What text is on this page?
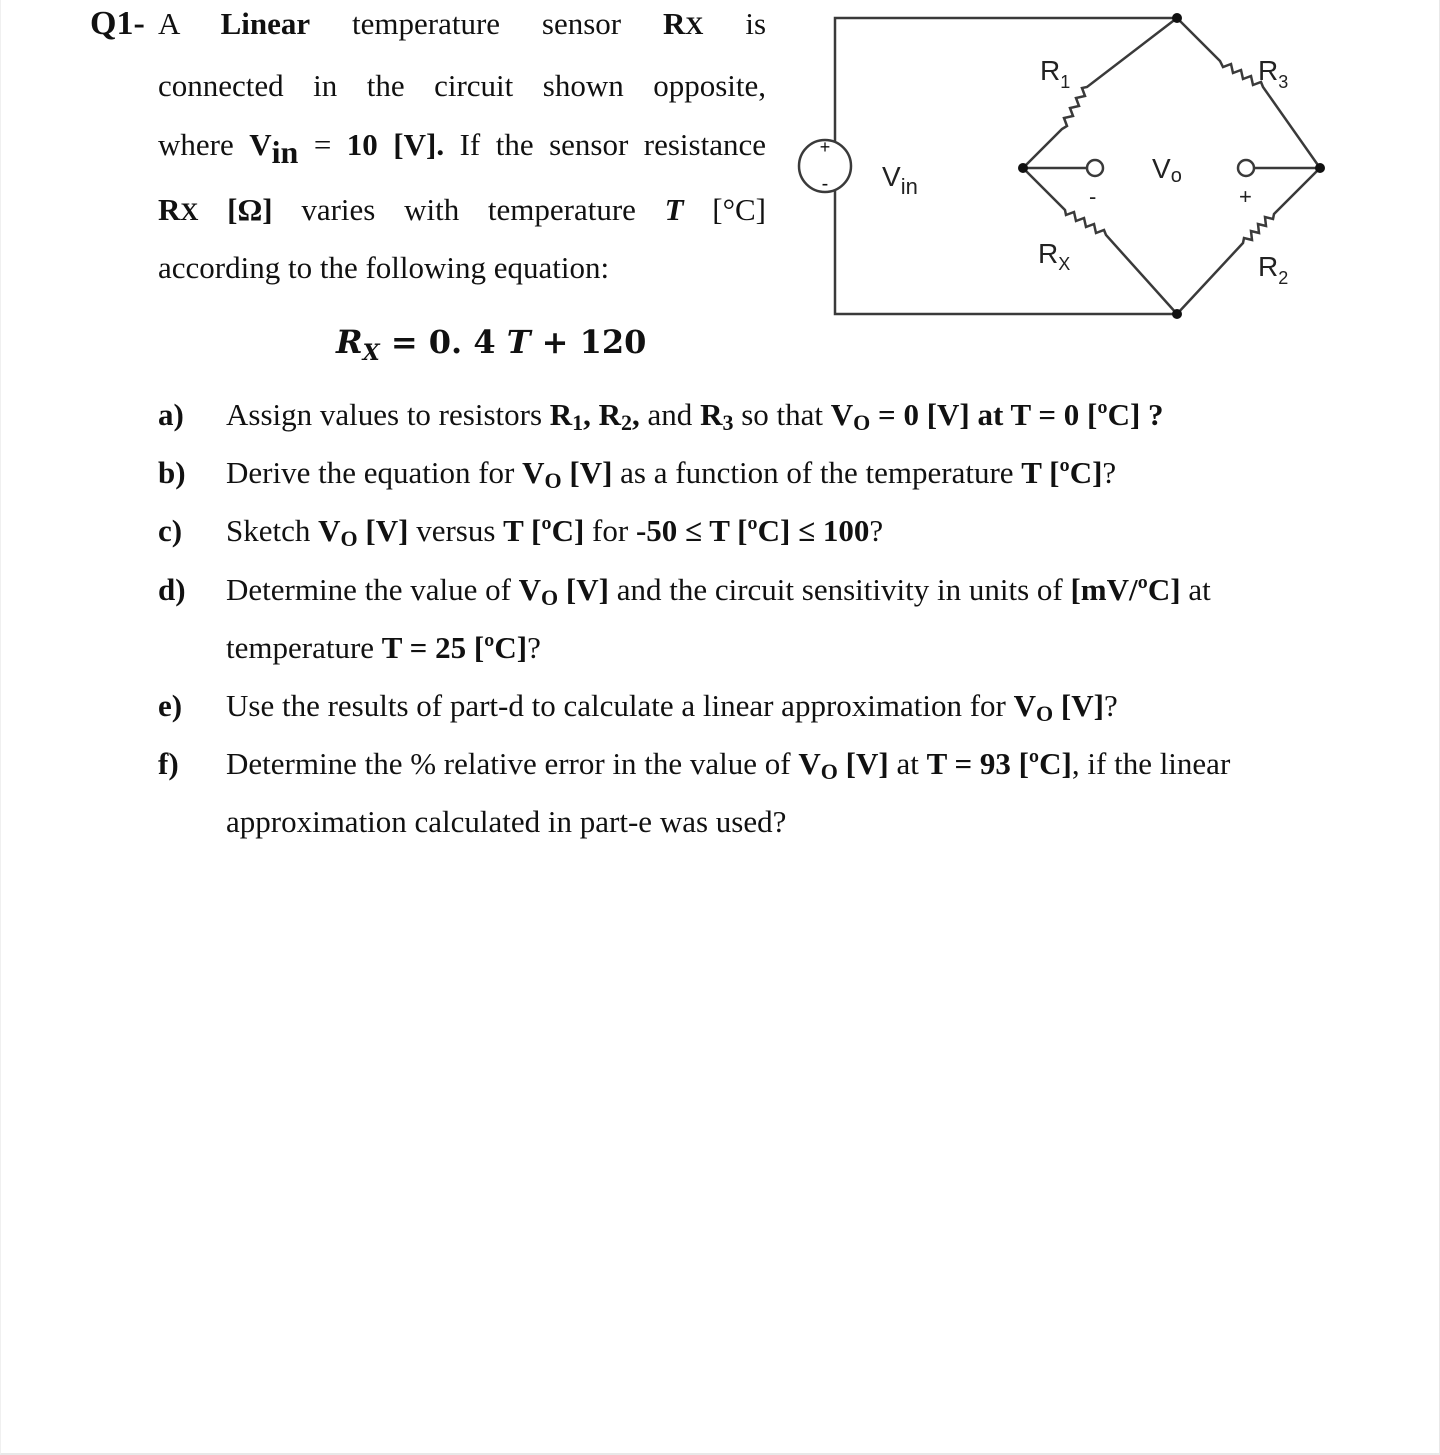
Q1- A Linear temperature sensor RX is
connected in the circuit shown opposite,
where Vin = 10 [V]. If the sensor resistance
RX [Ω] varies with temperature T [°C]
according to the following equation:
$R_X = 0$. 4 T + 120
a) Assign values to resistors R1, R2, and R3 so that VO = 0 [V] at T = 0 [ºC] ?
b) Derive the equation for VO [V] as a function of the temperature T [ºC]?
c) Sketch VO [V] versus T [ºC] for -50 ≤ T [ºC] ≤ 100?
d) Determine the value of VO [V] and the circuit sensitivity in units of [mV/ºC] at
temperature T = 25 [ºC]?
e) Use the results of part-d to calculate a linear approximation for VO [V]?
f) Determine the % relative error in the value of VO [V] at T = 93 [ºC], if the linear
approximation calculated in part-e was used?
+
- $V_{in}$
$R_1$	$R_3$
$R_X$	$R_2$
Vo
-	+
